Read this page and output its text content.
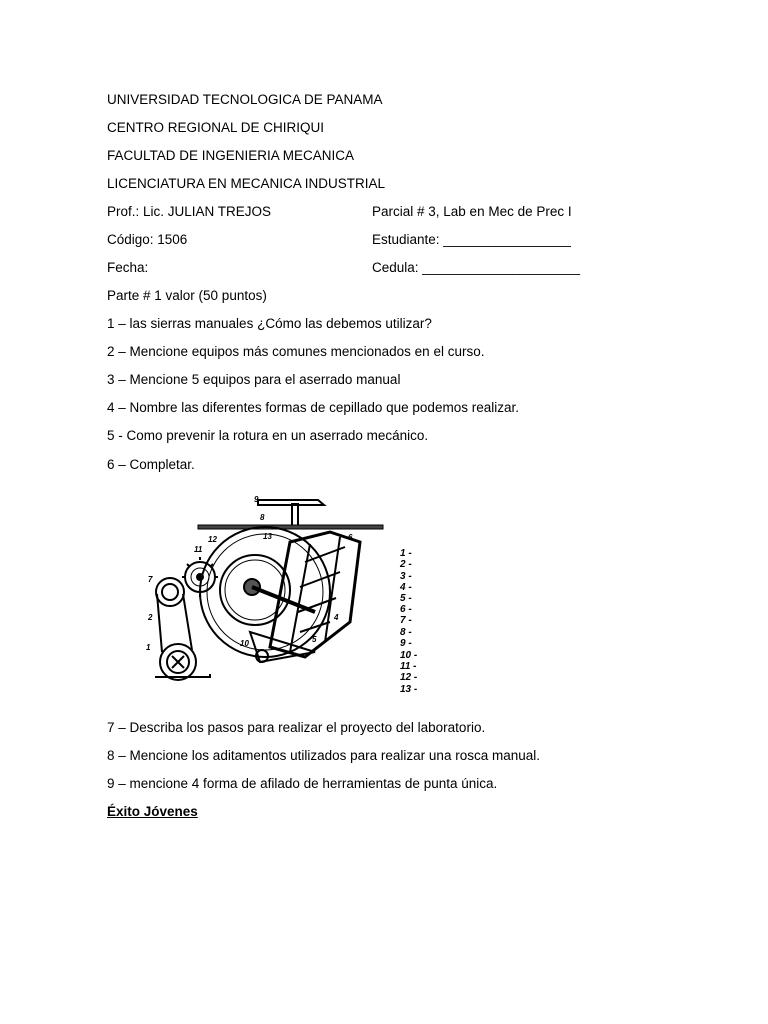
UNIVERSIDAD TECNOLOGICA DE PANAMA
CENTRO REGIONAL DE CHIRIQUI
FACULTAD DE INGENIERIA MECANICA
LICENCIATURA EN MECANICA INDUSTRIAL
Prof.: Lic. JULIAN TREJOS	Parcial # 3, Lab en Mec de Prec I
Código: 1506	Estudiante: _________________
Fecha:	Cedula: _____________________
Parte # 1 valor (50 puntos)
1 – las sierras manuales ¿Cómo las debemos utilizar?
2 – Mencione equipos más comunes mencionados en el curso.
3 – Mencione 5 equipos para el aserrado manual
4 – Nombre las diferentes formas de cepillado que podemos realizar.
5 - Como prevenir la rotura en un aserrado mecánico.
6 – Completar.
9
8
13
12
11
7
2
1	10	5
4
6
1 -
2 -
3 -
4 -
5 -
6 -
7 -
8 -
9 -
10 -
11 -
12 -
13 -
7 – Describa los pasos para realizar el proyecto del laboratorio.
8 – Mencione los aditamentos utilizados para realizar una rosca manual.
9 – mencione 4 forma de afilado de herramientas de punta única.
Éxito Jóvenes
